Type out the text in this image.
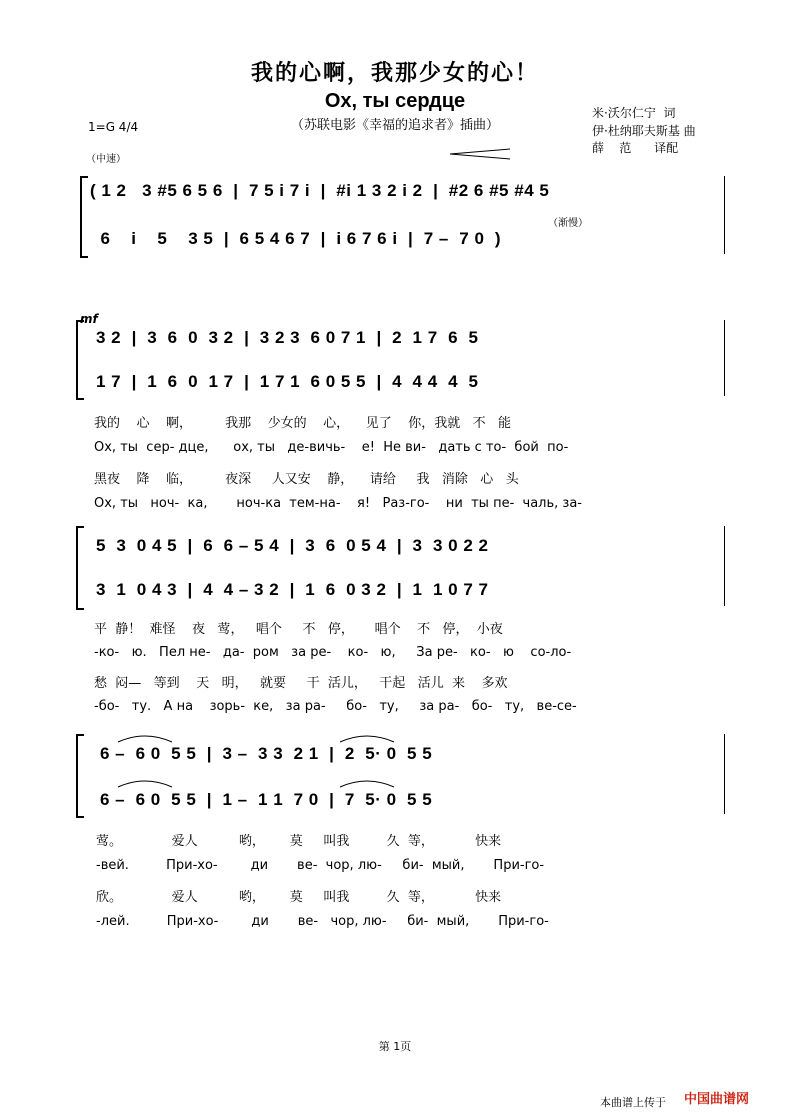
我的心啊，我那少女的心！
Ох, ты сердце
（苏联电影《幸福的追求者》插曲）
米·沃尔仁宁  词
伊·杜纳耶夫斯基 曲
薛    范      译配
1=G 4/4
（中速）
( 1 2   3 #5 6 5 6  |  7 5 i 7 i  |  #i 1 3 2 i 2  |  #2 6 #5 #4 5
6    i    5    3 5  |  6 5 4 6 7  |  i 6 7 6 i  |  7 –  7 0  )
（渐慢）
mf
3 2  |  3  6  0  3 2  |  3 2 3  6 0 7 1  |  2  1 7  6  5
1 7  |  1  6  0  1 7  |  1 7 1  6 0 5 5  |  4  4 4  4  5
我的    心    啊，        我那    少女的    心，    见了    你，我就   不   能
Ох, ты  сер- дце,      ох, ты   де-вичь-    е!  Не ви-   дать с то-  бой  по-
黑夜    降    临，        夜深     人又安    静，    请给     我   消除   心   头
Ох, ты   ноч-  ка,       ноч-ка  тем-на-    я!   Раз-го-    ни  ты пе-  чаль, за-
5  3  0 4 5  |  6  6 – 5 4  |  3  6  0 5 4  |  3  3 0 2 2
3  1  0 4 3  |  4  4 – 3 2  |  1  6  0 3 2  |  1  1 0 7 7
平  静！  难怪    夜   莺，   唱个     不   停，     唱个    不   停，  小夜
-ко-   ю.   Пел не-   да-  ром   за ре-    ко-   ю,     За ре-   ко-   ю    со-ло-
愁  闷—   等到    天   明，   就要     干  活儿，   干起   活儿  来    多欢
-бо-   ту.   А на    зорь-  ке,   за ра-     бо-   ту,     за ра-   бо-   ту,   ве-се-
6 –  6 0  5 5  |  3 –  3 3  2 1  |  2  5· 0  5 5
6 –  6 0  5 5  |  1 –  1 1  7 0  |  7  5· 0  5 5
莺。            爱人          哟，      莫     叫我         久  等，          快来
-вей.         При-хо-        ди       ве-  чор, лю-     би-  мый,       При-го-
欣。            爱人          哟，      莫     叫我         久  等，          快来
-лей.         При-хо-        ди       ве-   чор, лю-     би-  мый,       При-го-
第 1页
本曲谱上传于 中国曲谱网
